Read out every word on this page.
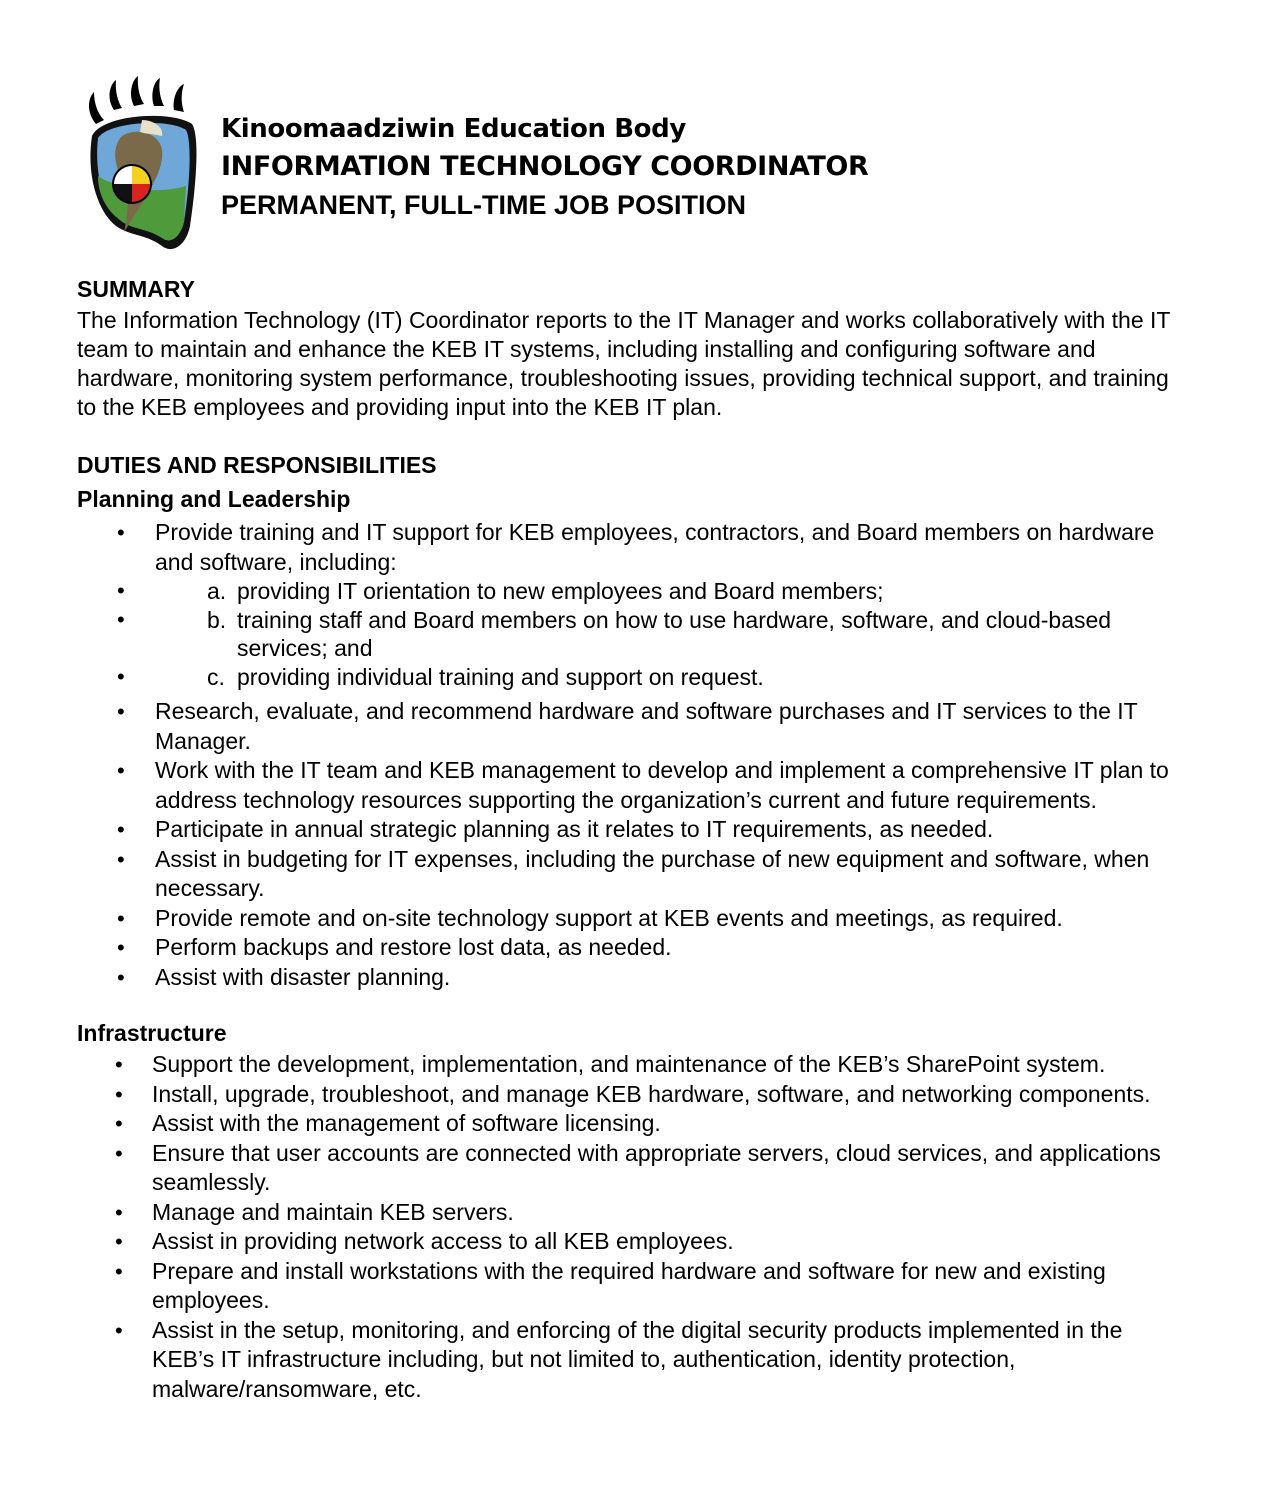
Kinoomaadziwin Education Body
INFORMATION TECHNOLOGY COORDINATOR
PERMANENT, FULL-TIME JOB POSITION
SUMMARY

The Information Technology (IT) Coordinator reports to the IT Manager and works collaboratively with the IT team to maintain and enhance the KEB IT systems, including installing and configuring software and hardware, monitoring system performance, troubleshooting issues, providing technical support, and training to the KEB employees and providing input into the KEB IT plan.

DUTIES AND RESPONSIBILITIES
Planning and Leadership
• Provide training and IT support for KEB employees, contractors, and Board members on hardware and software, including:
• a. providing IT orientation to new employees and Board members;
• b. training staff and Board members on how to use hardware, software, and cloud-based services; and
• c. providing individual training and support on request.
• Research, evaluate, and recommend hardware and software purchases and IT services to the IT Manager.
• Work with the IT team and KEB management to develop and implement a comprehensive IT plan to address technology resources supporting the organization’s current and future requirements.
• Participate in annual strategic planning as it relates to IT requirements, as needed.
• Assist in budgeting for IT expenses, including the purchase of new equipment and software, when necessary.
• Provide remote and on-site technology support at KEB events and meetings, as required.
• Perform backups and restore lost data, as needed.
• Assist with disaster planning.
Infrastructure
• Support the development, implementation, and maintenance of the KEB’s SharePoint system.
• Install, upgrade, troubleshoot, and manage KEB hardware, software, and networking components.
• Assist with the management of software licensing.
• Ensure that user accounts are connected with appropriate servers, cloud services, and applications seamlessly.
• Manage and maintain KEB servers.
• Assist in providing network access to all KEB employees.
• Prepare and install workstations with the required hardware and software for new and existing employees.
• Assist in the setup, monitoring, and enforcing of the digital security products implemented in the KEB’s IT infrastructure including, but not limited to, authentication, identity protection, malware/ransomware, etc.
